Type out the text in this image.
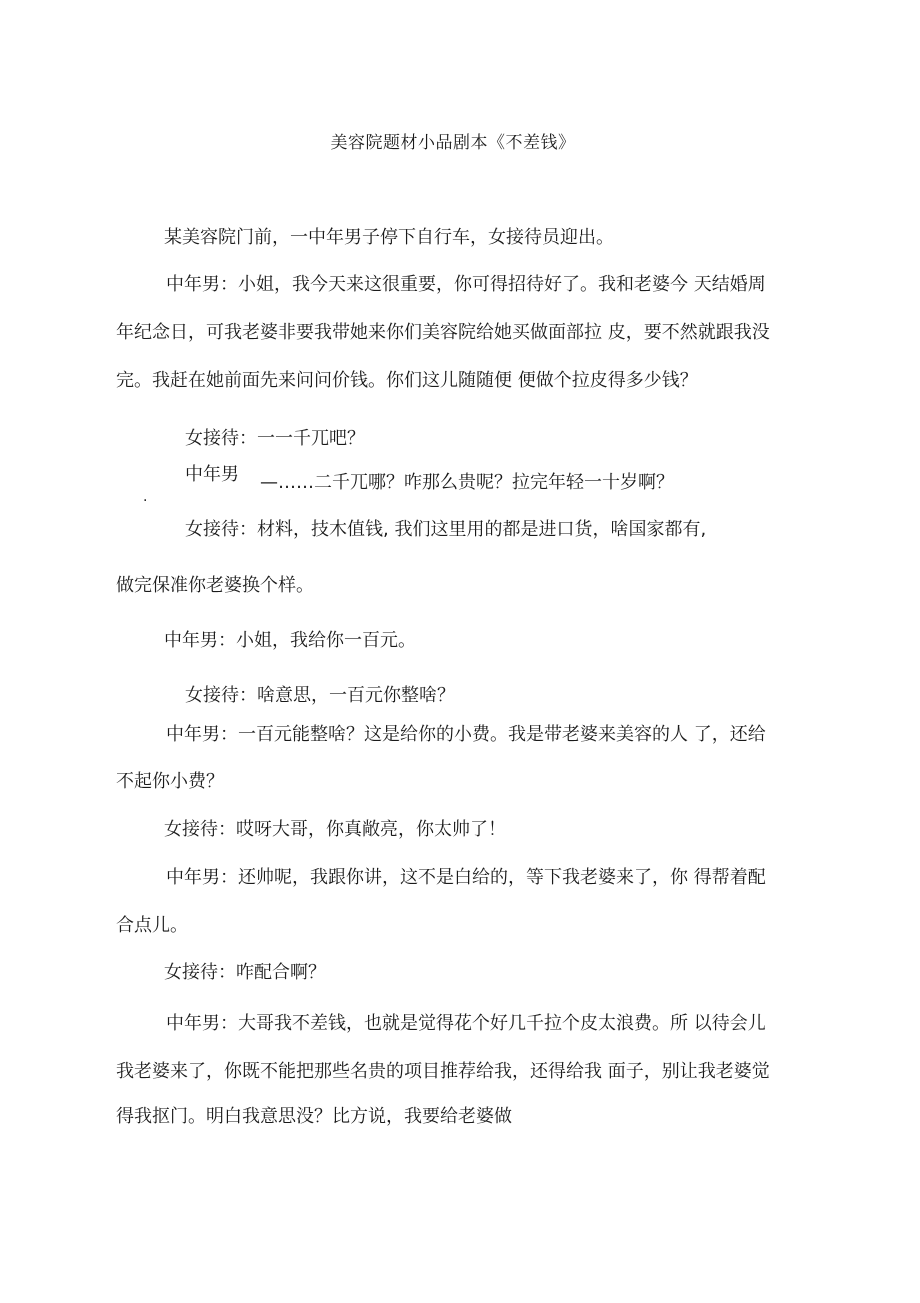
美容院题材小品剧本《不差钱》
某美容院门前，一中年男子停下自行车，女接待员迎出。
中年男：小姐，我今天来这很重要，你可得招待好了。我和老婆今 天结婚周
年纪念日，可我老婆非要我带她来你们美容院给她买做面部拉 皮，要不然就跟我没
完。我赶在她前面先来问问价钱。你们这儿随随便 便做个拉皮得多少钱？
女接待：一一千兀吧？
中年男 —……二千兀哪？咋那么贵呢？拉完年轻一十岁啊？
.
女接待：材料，技木值钱, 我们这里用的都是进口货，啥国家都有,
做完保准你老婆换个样。
中年男：小姐，我给你一百元。
女接待：啥意思，一百元你整啥？
中年男：一百元能整啥？这是给你的小费。我是带老婆来美容的人 了，还给
不起你小费？
女接待：哎呀大哥，你真敞亮，你太帅了！
中年男：还帅呢，我跟你讲，这不是白给的，等下我老婆来了，你 得帮着配
合点儿。
女接待：咋配合啊？
中年男：大哥我不差钱，也就是觉得花个好几千拉个皮太浪费。所 以待会儿
我老婆来了，你既不能把那些名贵的项目推荐给我，还得给我 面子，别让我老婆觉
得我抠门。明白我意思没？比方说，我要给老婆做
